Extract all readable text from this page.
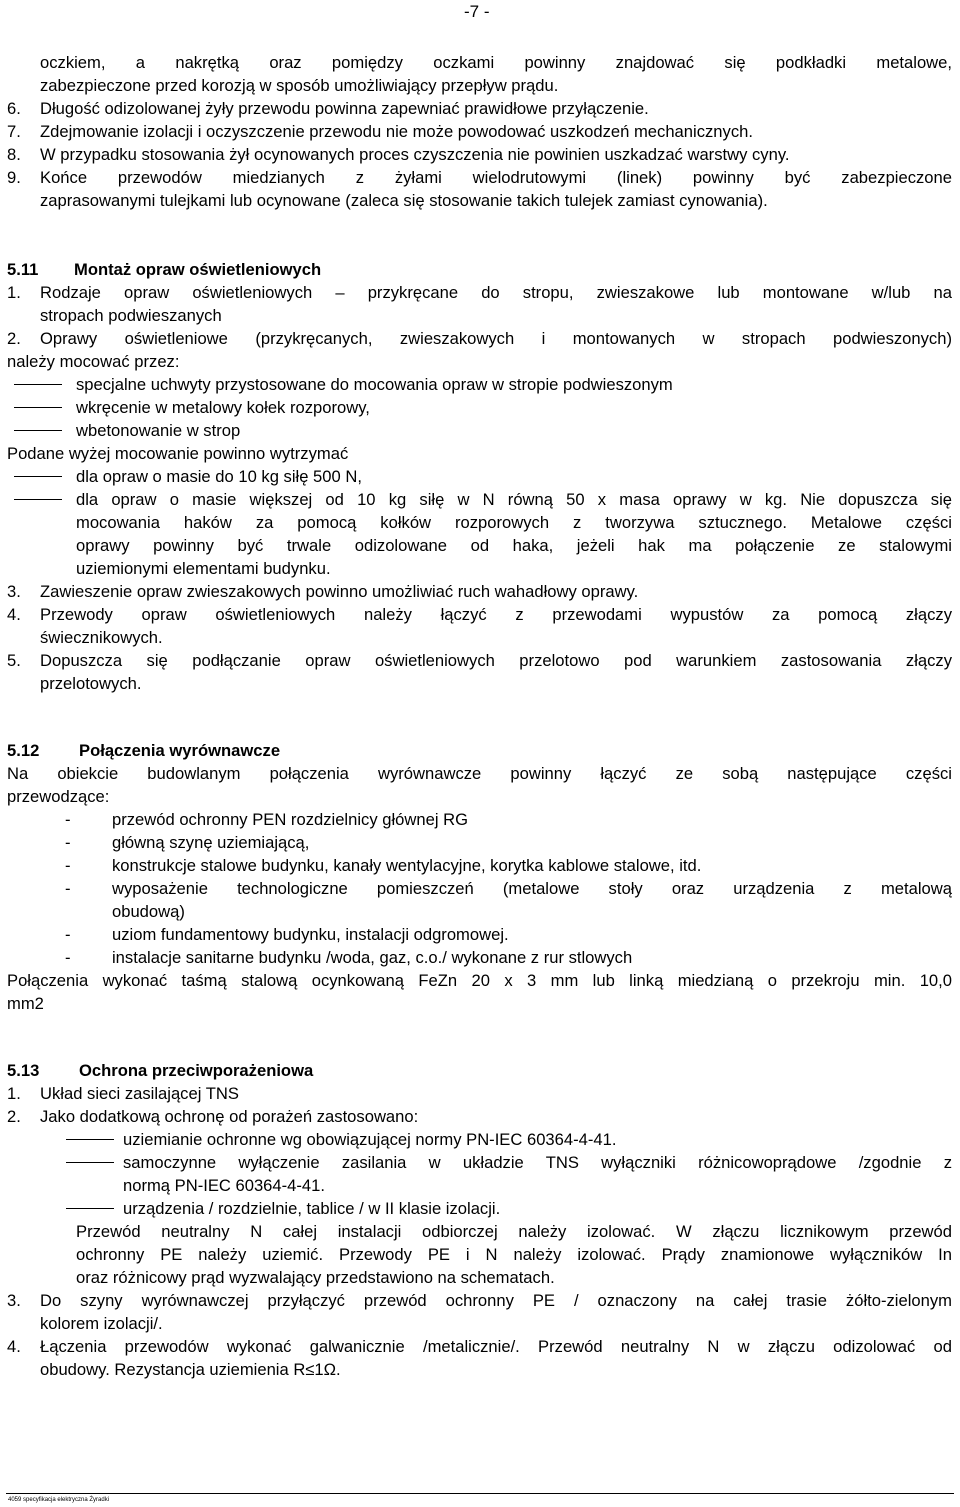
-7 -
oczkiem, a nakrętką oraz pomiędzy oczkami powinny znajdować się podkładki metalowe,
zabezpieczone przed korozją w sposób umożliwiający przepływ prądu.
6. Długość odizolowanej żyły przewodu powinna zapewniać prawidłowe przyłączenie.
7. Zdejmowanie izolacji i oczyszczenie przewodu nie może powodować uszkodzeń mechanicznych.
8. W przypadku stosowania żył ocynowanych proces czyszczenia nie powinien uszkadzać warstwy cyny.
9. Końce przewodów miedzianych z żyłami wielodrutowymi (linek) powinny być zabezpieczone
zaprasowanymi tulejkami lub ocynowane (zaleca się stosowanie takich tulejek zamiast cynowania).
5.11 Montaż opraw oświetleniowych
1. Rodzaje opraw oświetleniowych – przykręcane do stropu, zwieszakowe lub montowane w/lub na
stropach podwieszanych
2. Oprawy oświetleniowe (przykręcanych, zwieszakowych i montowanych w stropach podwieszonych)
należy mocować przez:
specjalne uchwyty przystosowane do mocowania opraw w stropie podwieszonym
wkręcenie w metalowy kołek rozporowy,
wbetonowanie w strop
Podane wyżej mocowanie powinno wytrzymać
dla opraw o masie do 10 kg siłę 500 N,
dla opraw o masie większej od 10 kg siłę w N równą 50 x masa oprawy w kg. Nie dopuszcza się
mocowania haków za pomocą kołków rozporowych z tworzywa sztucznego. Metalowe części
oprawy powinny być trwale odizolowane od haka, jeżeli hak ma połączenie ze stalowymi
uziemionymi elementami budynku.
3. Zawieszenie opraw zwieszakowych powinno umożliwiać ruch wahadłowy oprawy.
4. Przewody opraw oświetleniowych należy łączyć z przewodami wypustów za pomocą złączy
świecznikowych.
5. Dopuszcza się podłączanie opraw oświetleniowych przelotowo pod warunkiem zastosowania złączy
przelotowych.
5.12 Połączenia wyrównawcze
Na obiekcie budowlanym połączenia wyrównawcze powinny łączyć ze sobą następujące części
przewodzące:
- przewód ochronny PEN rozdzielnicy głównej RG
- główną szynę uziemiającą,
- konstrukcje stalowe budynku, kanały wentylacyjne, korytka kablowe stalowe, itd.
- wyposażenie technologiczne pomieszczeń (metalowe stoły oraz urządzenia z metalową
obudową)
- uziom fundamentowy budynku, instalacji odgromowej.
- instalacje sanitarne budynku /woda, gaz, c.o./ wykonane z rur stlowych
Połączenia wykonać taśmą stalową ocynkowaną FeZn 20 x 3 mm lub linką miedzianą o przekroju min. 10,0
mm2
5.13 Ochrona przeciwporażeniowa
1. Układ sieci zasilającej TNS
2. Jako dodatkową ochronę od porażeń zastosowano:
uziemianie ochronne wg obowiązującej normy PN-IEC 60364-4-41.
samoczynne wyłączenie zasilania w układzie TNS wyłączniki różnicowoprądowe /zgodnie z
normą PN-IEC 60364-4-41.
urządzenia / rozdzielnie, tablice / w II klasie izolacji.
Przewód neutralny N całej instalacji odbiorczej należy izolować. W złączu licznikowym przewód
ochronny PE należy uziemić. Przewody PE i N należy izolować. Prądy znamionowe wyłączników In
oraz różnicowy prąd wyzwalający przedstawiono na schematach.
3. Do szyny wyrównawczej przyłączyć przewód ochronny PE / oznaczony na całej trasie żółto-zielonym
kolorem izolacji/.
4. Łączenia przewodów wykonać galwanicznie /metalicznie/. Przewód neutralny N w złączu odizolować od
obudowy. Rezystancja uziemienia R≤1Ω.
4059 specyfikacja elektryczna Żyradki
